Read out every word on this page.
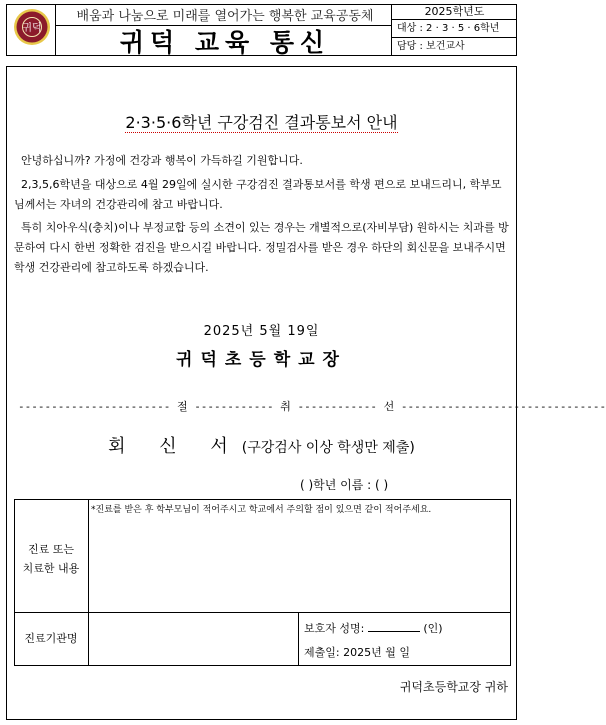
귀덕
배움과 나눔으로 미래를 열어가는 행복한 교육공동체
귀덕 교육 통신
2025학년도
대상 : 2 · 3 · 5 · 6학년
담당 : 보건교사
2·3·5·6학년 구강검진 결과통보서 안내
안녕하십니까? 가정에 건강과 행복이 가득하길 기원합니다.
2,3,5,6학년을 대상으로 4월 29일에 실시한 구강검진 결과통보서를 학생 편으로 보내드리니, 학부모님께서는 자녀의 건강관리에 참고 바랍니다.
특히 치아우식(충치)이나 부정교합 등의 소견이 있는 경우는 개별적으로(자비부담) 원하시는 치과를 방문하여 다시 한번 정확한 검진을 받으시길 바랍니다. 정밀검사를 받은 경우 하단의 회신문을 보내주시면 학생 건강관리에 참고하도록 하겠습니다.
2025년 5월 19일
귀덕초등학교장
----------------------- 절 ------------ 취 ------------ 선 -------------------------------
회 신 서(구강검사 이상 학생만 제출)
( )학년 이름 : ( )
진료 또는
치료한 내용
*진료를 받은 후 학부모님이 적어주시고 학교에서 주의할 점이 있으면 같이 적어주세요.
진료기관명
보호자 성명:	(인)
제출일: 2025년 월 일
귀덕초등학교장 귀하
